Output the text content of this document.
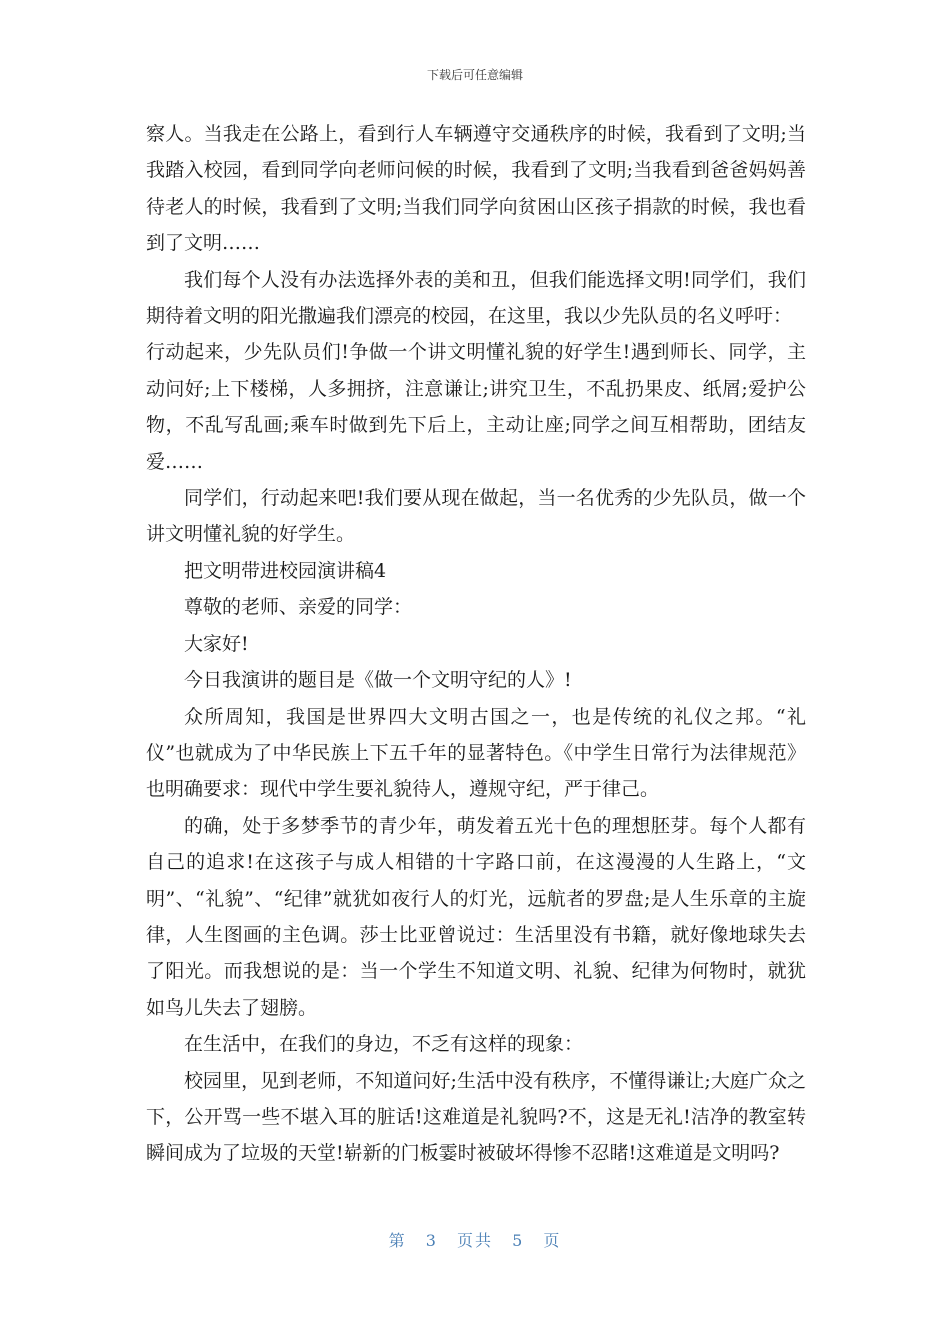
下载后可任意编辑

察人。当我走在公路上，看到行人车辆遵守交通秩序的时候，我看到了文明;当我踏入校园，看到同学向老师问候的时候，我看到了文明;当我看到爸爸妈妈善待老人的时候，我看到了文明;当我们同学向贫困山区孩子捐款的时候，我也看到了文明……

我们每个人没有办法选择外表的美和丑，但我们能选择文明!同学们，我们期待着文明的阳光撒遍我们漂亮的校园，在这里，我以少先队员的名义呼吁：

行动起来，少先队员们!争做一个讲文明懂礼貌的好学生!遇到师长、同学，主动问好;上下楼梯，人多拥挤，注意谦让;讲究卫生，不乱扔果皮、纸屑;爱护公物，不乱写乱画;乘车时做到先下后上，主动让座;同学之间互相帮助，团结友爱……

同学们，行动起来吧!我们要从现在做起，当一名优秀的少先队员，做一个讲文明懂礼貌的好学生。

把文明带进校园演讲稿4

尊敬的老师、亲爱的同学：

大家好!

今日我演讲的题目是《做一个文明守纪的人》!

众所周知，我国是世界四大文明古国之一，也是传统的礼仪之邦。“礼仪”也就成为了中华民族上下五千年的显著特色。《中学生日常行为法律规范》也明确要求：现代中学生要礼貌待人，遵规守纪，严于律己。

的确，处于多梦季节的青少年，萌发着五光十色的理想胚芽。每个人都有自己的追求!在这孩子与成人相错的十字路口前，在这漫漫的人生路上，“文明”、“礼貌”、“纪律”就犹如夜行人的灯光，远航者的罗盘;是人生乐章的主旋律，人生图画的主色调。莎士比亚曾说过：生活里没有书籍，就好像地球失去了阳光。而我想说的是：当一个学生不知道文明、礼貌、纪律为何物时，就犹如鸟儿失去了翅膀。

在生活中，在我们的身边，不乏有这样的现象：

校园里，见到老师，不知道问好;生活中没有秩序，不懂得谦让;大庭广众之下，公开骂一些不堪入耳的脏话!这难道是礼貌吗?不，这是无礼!洁净的教室转瞬间成为了垃圾的天堂!崭新的门板霎时被破坏得惨不忍睹!这难道是文明吗?

第 3 页共 5 页
